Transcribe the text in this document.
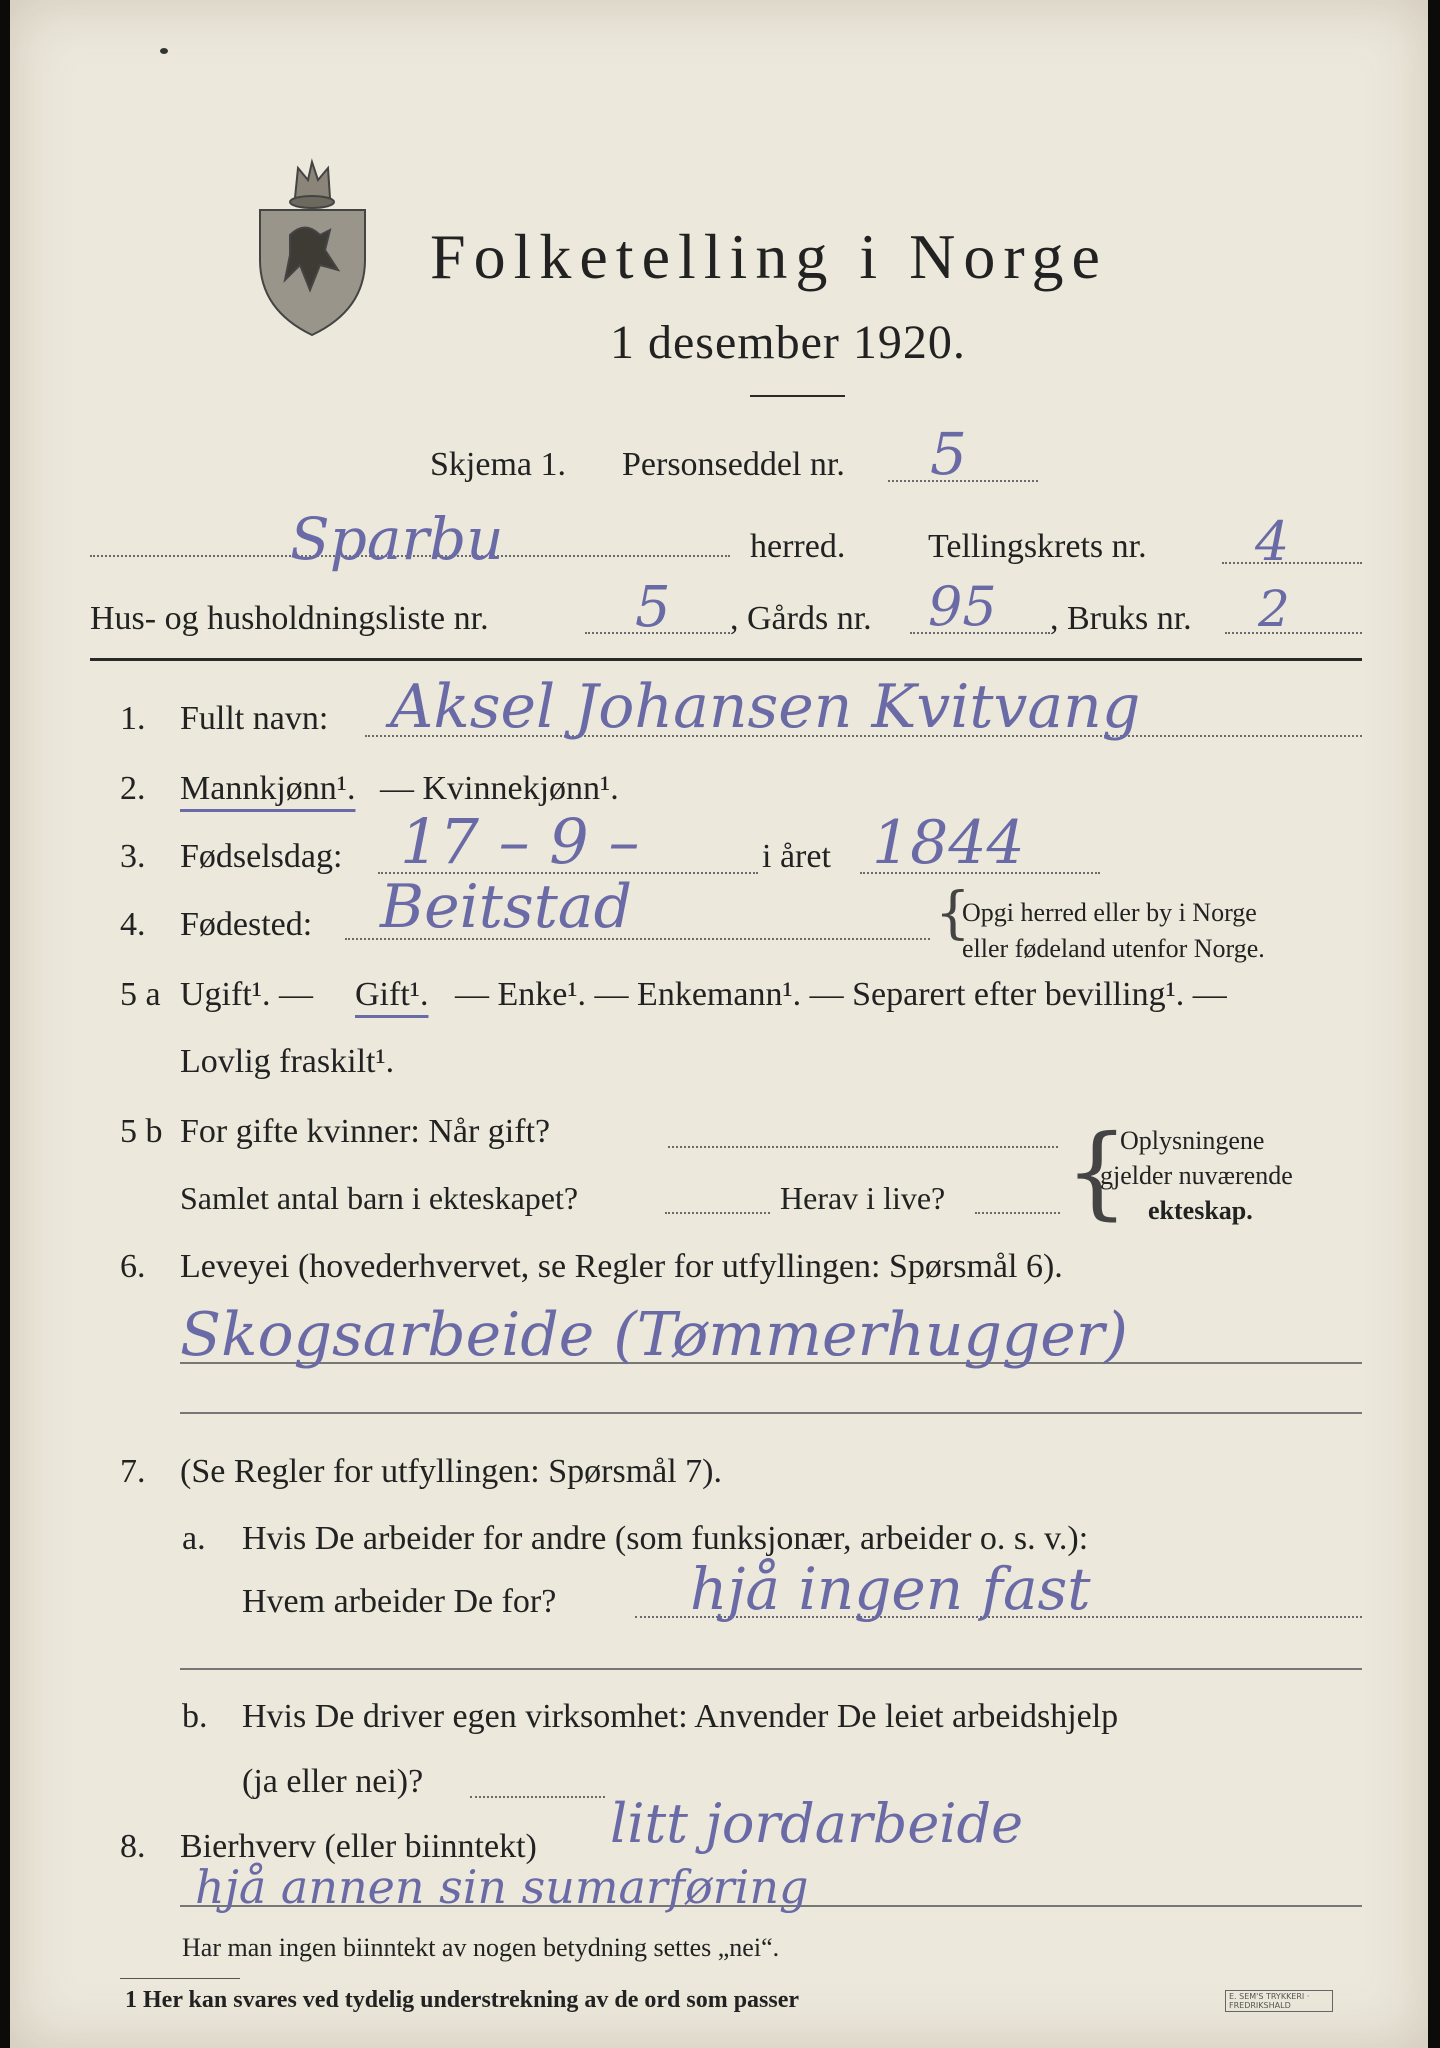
Folketelling i Norge
1 desember 1920.
Skjema 1. Personseddel nr. 5
Sparbu	herred. Tellingskrets nr. 4
Hus- og husholdningsliste nr.	5 , Gårds nr. 95 , Bruks nr. 2
1. Fullt navn: Aksel Johansen Kvitvang
2. Mannkjønn¹. — Kvinnekjønn¹.
3. Fødselsdag: 17 – 9 –	i året 1844
4. Fødested: Beitstad	{
Opgi herred eller by i Norge
eller fødeland utenfor Norge.
5 a Ugift¹. — Gift¹. — Enke¹. — Enkemann¹. — Separert efter bevilling¹. —
Lovlig fraskilt¹.
5 b For gifte kvinner: Når gift?
Samlet antal barn i ekteskapet?	Herav i live? {
Oplysningene
gjelder nuværende
ekteskap.
6. Leveyei (hovederhvervet, se Regler for utfyllingen: Spørsmål 6).
Skogsarbeide (Tømmerhugger)
7. (Se Regler for utfyllingen: Spørsmål 7).
a. Hvis De arbeider for andre (som funksjonær, arbeider o. s. v.):
Hvem arbeider De for? hjå ingen fast
b. Hvis De driver egen virksomhet: Anvender De leiet arbeidshjelp
(ja eller nei)?
8. Bierhverv (eller biinntekt) litt jordarbeide
hjå annen sin sumarføring
Har man ingen biinntekt av nogen betydning settes „nei“.
1 Her kan svares ved tydelig understrekning av de ord som passer	E. SEM'S TRYKKERI · FREDRIKSHALD
